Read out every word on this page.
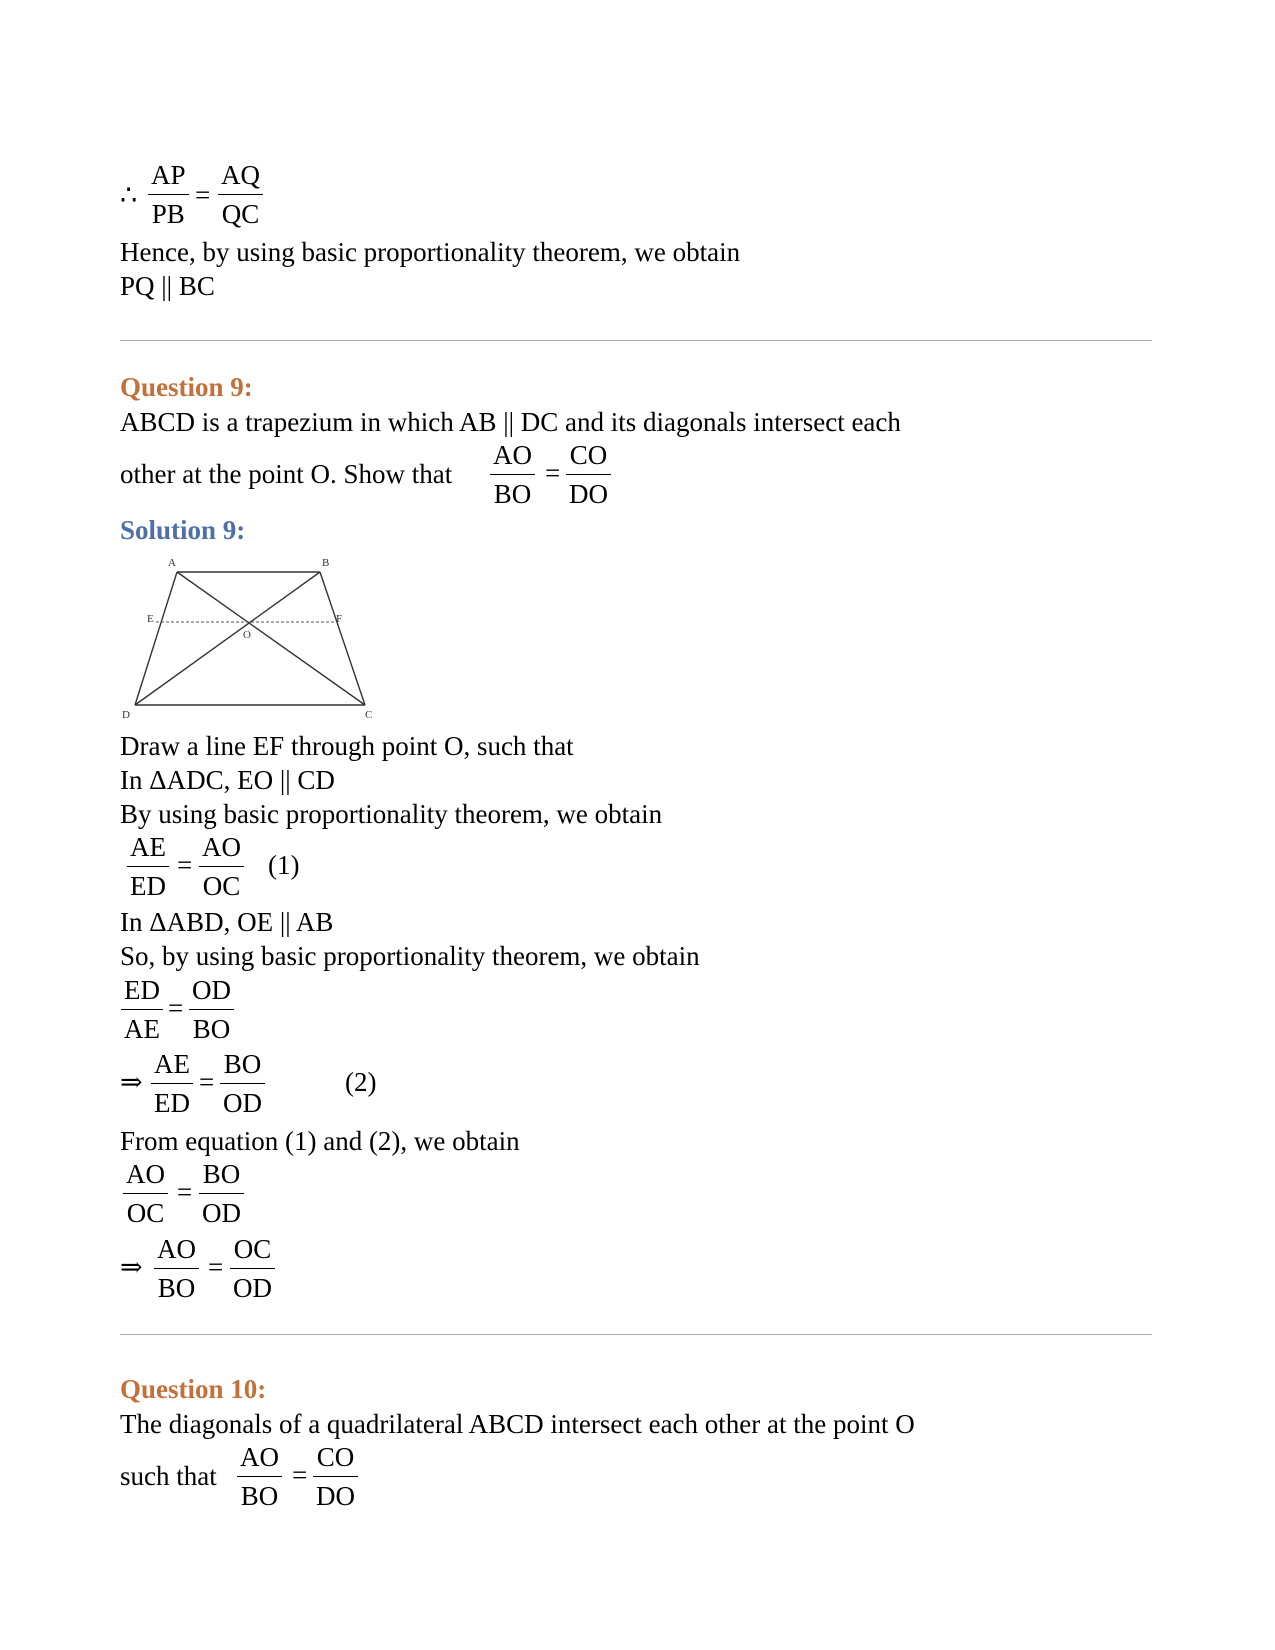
∴ $\frac{AP}{PB} = \frac{AQ}{QC}$
Hence, by using basic proportionality theorem, we obtain
PQ || BC
Question 9:
ABCD is a trapezium in which AB || DC and its diagonals intersect each
other at the point O. Show that $\frac{AO}{BO} = \frac{CO}{DO}$
Solution 9:
A	B
C
D
E	F
O
Draw a line EF through point O, such that
In ΔADC, EO || CD
By using basic proportionality theorem, we obtain
$\frac{AE}{ED} = \frac{AO}{OC} (1)$
In ΔABD, OE || AB
So, by using basic proportionality theorem, we obtain
$\frac{ED}{AE} = \frac{OD}{BO}$
⇒ $\frac{AE}{ED} = \frac{BO}{OD}$	(2)
From equation (1) and (2), we obtain
$\frac{AO}{OC} = \frac{BO}{OD}$
⇒ $\frac{AO}{BO} = \frac{OC}{OD}$
Question 10:
The diagonals of a quadrilateral ABCD intersect each other at the point O
such that $\frac{AO}{BO} = \frac{CO}{DO}$
